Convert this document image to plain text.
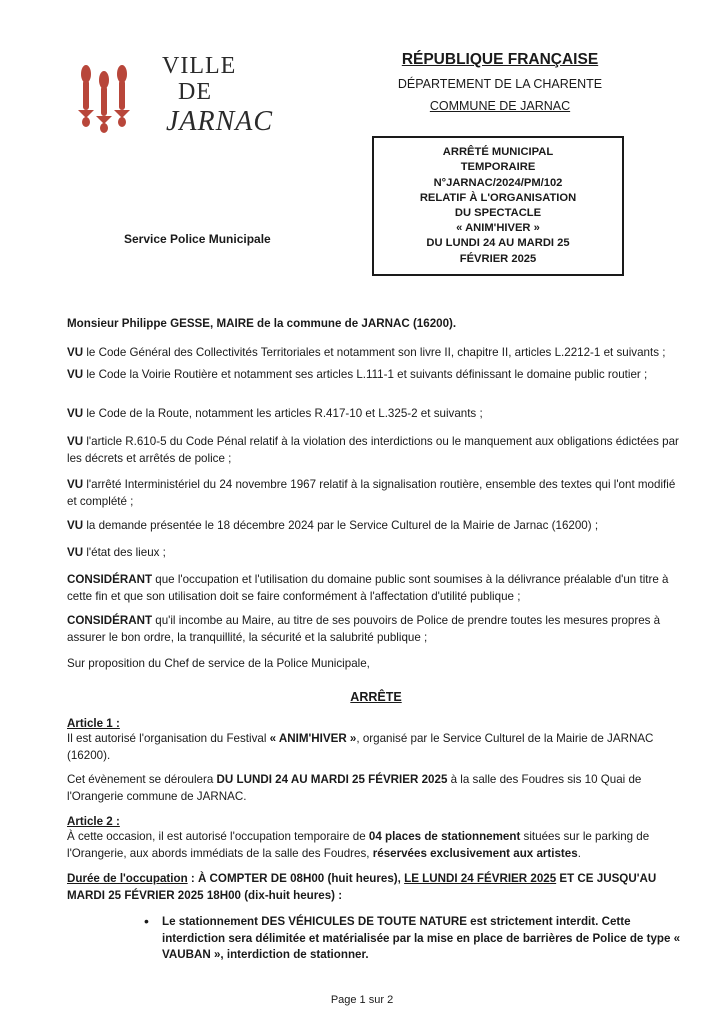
VILLE
DE
JARNAC
RÉPUBLIQUE FRANÇAISE
DÉPARTEMENT DE LA CHARENTE
COMMUNE DE JARNAC
ARRÊTÉ MUNICIPAL
TEMPORAIRE
N°JARNAC/2024/PM/102
RELATIF À L'ORGANISATION
DU SPECTACLE
« ANIM'HIVER »
DU LUNDI 24 AU MARDI 25
FÉVRIER 2025
Service Police Municipale
Monsieur Philippe GESSE, MAIRE de la commune de JARNAC (16200).
VU le Code Général des Collectivités Territoriales et notamment son livre II, chapitre II, articles L.2212-1 et suivants ;
VU le Code la Voirie Routière et notamment ses articles L.111-1 et suivants définissant le domaine public routier ;
VU le Code de la Route, notamment les articles R.417-10 et L.325-2 et suivants ;
VU l'article R.610-5 du Code Pénal relatif à la violation des interdictions ou le manquement aux obligations édictées par les décrets et arrêtés de police ;
VU l'arrêté Interministériel du 24 novembre 1967 relatif à la signalisation routière, ensemble des textes qui l'ont modifié et complété ;
VU la demande présentée le 18 décembre 2024 par le Service Culturel de la Mairie de Jarnac (16200) ;
VU l'état des lieux ;
CONSIDÉRANT que l'occupation et l'utilisation du domaine public sont soumises à la délivrance préalable d'un titre à cette fin et que son utilisation doit se faire conformément à l'affectation d'utilité publique ;
CONSIDÉRANT qu'il incombe au Maire, au titre de ses pouvoirs de Police de prendre toutes les mesures propres à assurer le bon ordre, la tranquillité, la sécurité et la salubrité publique ;
Sur proposition du Chef de service de la Police Municipale,
ARRÊTE
Article 1 :
Il est autorisé l'organisation du Festival « ANIM'HIVER », organisé par le Service Culturel de la Mairie de JARNAC (16200).
Cet évènement se déroulera DU LUNDI 24 AU MARDI 25 FÉVRIER 2025 à la salle des Foudres sis 10 Quai de l'Orangerie commune de JARNAC.
Article 2 :
À cette occasion, il est autorisé l'occupation temporaire de 04 places de stationnement situées sur le parking de l'Orangerie, aux abords immédiats de la salle des Foudres, réservées exclusivement aux artistes.
Durée de l'occupation : À COMPTER DE 08H00 (huit heures), LE LUNDI 24 FÉVRIER 2025 ET CE JUSQU'AU MARDI 25 FÉVRIER 2025 18H00 (dix-huit heures) :
• Le stationnement DES VÉHICULES DE TOUTE NATURE est strictement interdit. Cette interdiction sera délimitée et matérialisée par la mise en place de barrières de Police de type « VAUBAN », interdiction de stationner.
Page 1 sur 2
